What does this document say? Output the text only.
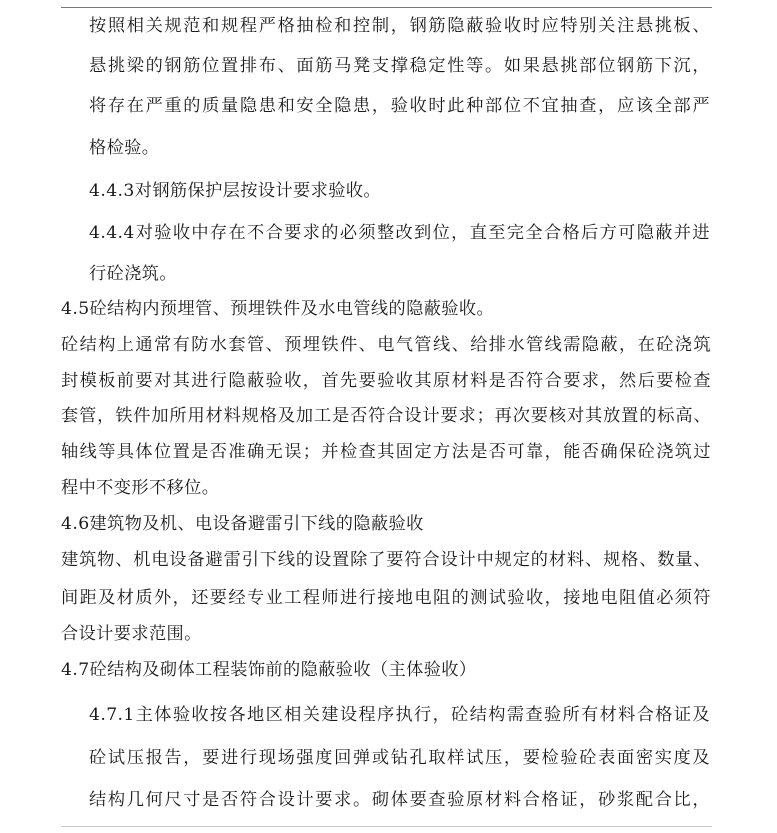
按照相关规范和规程严格抽检和控制，钢筋隐蔽验收时应特别关注悬挑板、
悬挑梁的钢筋位置排布、面筋马凳支撑稳定性等。如果悬挑部位钢筋下沉，
将存在严重的质量隐患和安全隐患，验收时此种部位不宜抽查，应该全部严
格检验。
4.4.3对钢筋保护层按设计要求验收。
4.4.4对验收中存在不合要求的必须整改到位，直至完全合格后方可隐蔽并进
行砼浇筑。
4.5砼结构内预埋管、预埋铁件及水电管线的隐蔽验收。
砼结构上通常有防水套管、预埋铁件、电气管线、给排水管线需隐蔽，在砼浇筑
封模板前要对其进行隐蔽验收，首先要验收其原材料是否符合要求，然后要检查
套管，铁件加所用材料规格及加工是否符合设计要求；再次要核对其放置的标高、
轴线等具体位置是否准确无误；并检查其固定方法是否可靠，能否确保砼浇筑过
程中不变形不移位。
4.6建筑物及机、电设备避雷引下线的隐蔽验收
建筑物、机电设备避雷引下线的设置除了要符合设计中规定的材料、规格、数量、
间距及材质外，还要经专业工程师进行接地电阻的测试验收，接地电阻值必须符
合设计要求范围。
4.7砼结构及砌体工程装饰前的隐蔽验收（主体验收）
4.7.1主体验收按各地区相关建设程序执行，砼结构需查验所有材料合格证及
砼试压报告，要进行现场强度回弹或钻孔取样试压，要检验砼表面密实度及
结构几何尺寸是否符合设计要求。砌体要查验原材料合格证，砂浆配合比，
